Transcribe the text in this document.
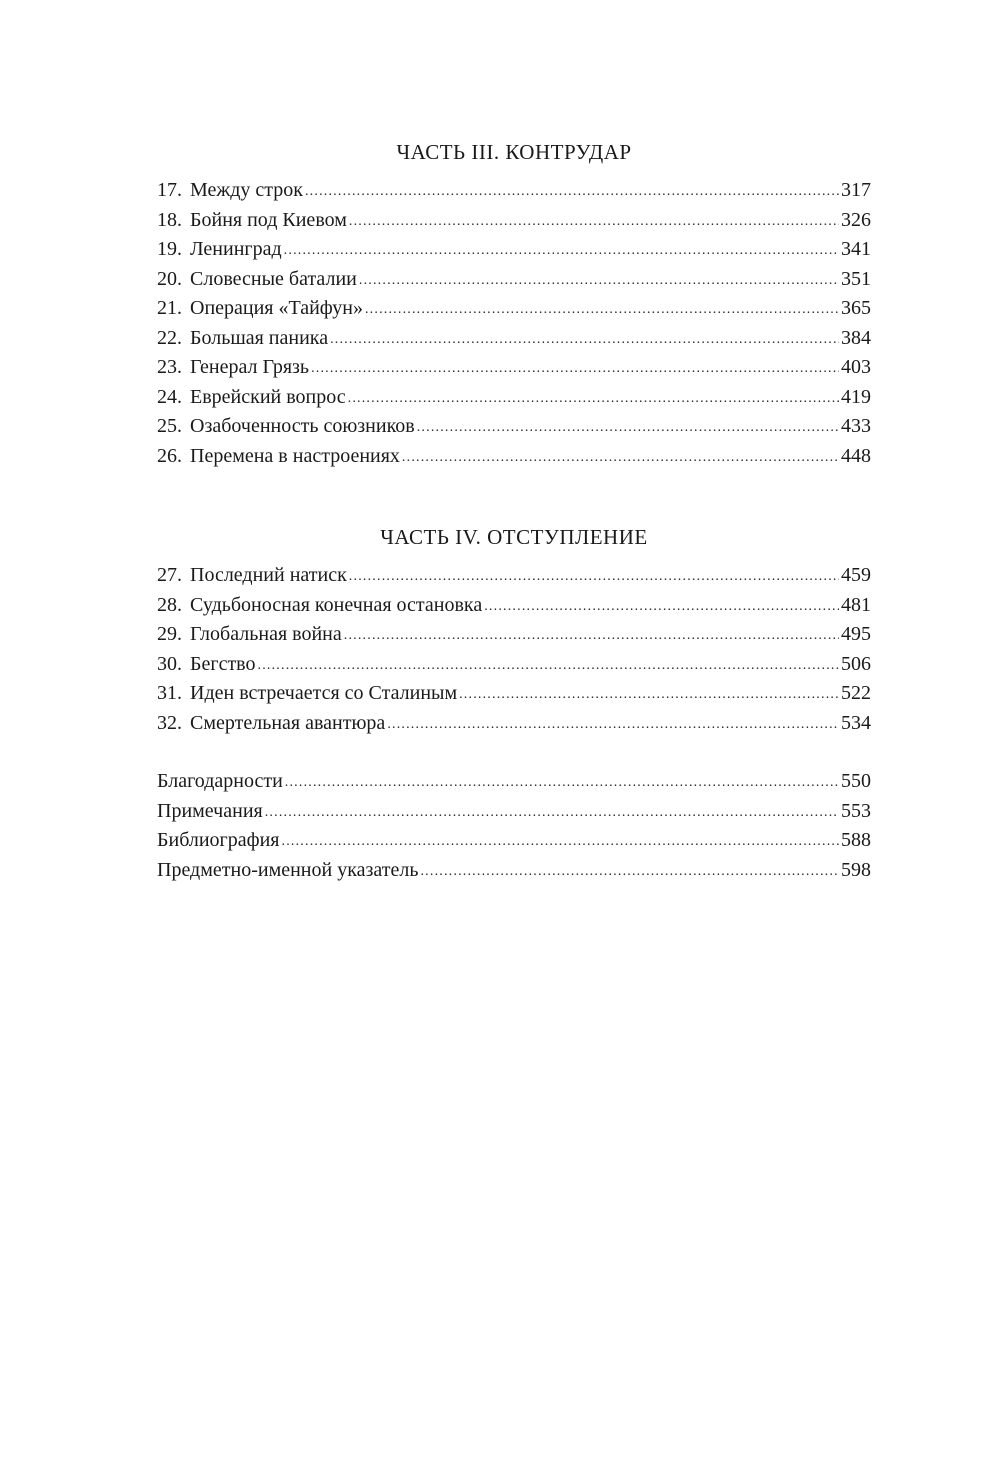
ЧАСТЬ III. КОНТРУДАР
17. Между строк .....	317
18. Бойня под Киевом .....	326
19. Ленинград .....	341
20. Словесные баталии .....	351
21. Операция «Тайфун» .....	365
22. Большая паника .....	384
23. Генерал Грязь .....	403
24. Еврейский вопрос .....	419
25. Озабоченность союзников .....	433
26. Перемена в настроениях .....	448
ЧАСТЬ IV. ОТСТУПЛЕНИЕ
27. Последний натиск .....	459
28. Судьбоносная конечная остановка .....	481
29. Глобальная война .....	495
30. Бегство .....	506
31. Иден встречается со Сталиным .....	522
32. Смертельная авантюра .....	534
Благодарности .....	550
Примечания .....	553
Библиография .....	588
Предметно-именной указатель .....	598
